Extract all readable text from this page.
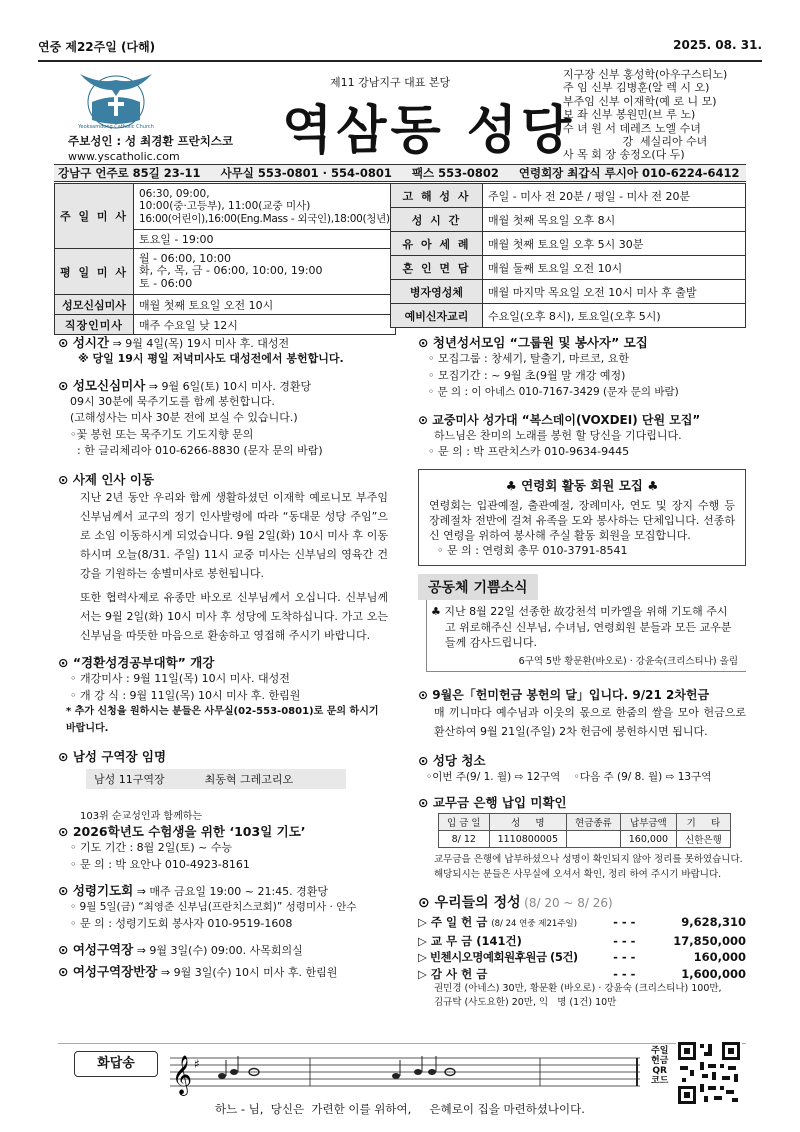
연중 제22주일 (다해)	2025. 08. 31.
Yeoksamdong Catholic Church
주보성인 : 성 최경환 프란치스코
www.yscatholic.com
제11 강남지구 대표 본당
역삼동 성당
지구장 신부 홍성학(아우구스티노)
주 임 신부 김병훈(알 렉 시 오)
부주임 신부 이재학(예 로 니 모)
보 좌 신부 봉원민(브 루 노)
수 녀 원 서 데레즈 노엘 수녀
강  세실리아 수녀
사 목 회 장 송정오(다 두)
강남구 언주로 85길 23-11 사무실 553-0801 · 554-0801 팩스 553-0802 연령회장 최갑식 루시아 010-6224-6412
주 일 미 사	06:30, 09:00,
10:00(중·고등부), 11:00(교중 미사)
16:00(어린이),16:00(Eng.Mass - 외국인),18:00(청년)

	토요일 - 19:00
평 일 미 사	월 - 06:00, 10:00
화, 수, 목, 금 - 06:00, 10:00, 19:00
토 - 06:00

성모신심미사	매월 첫째 토요일 오전 10시
직장인미사	매주 수요일 낮 12시
고 해 성 사	주일 - 미사 전 20분 / 평일 - 미사 전 20분
성 시 간	매월 첫째 목요일 오후 8시
유 아 세 례	매월 첫째 토요일 오후 5시 30분
혼 인 면 담	매월 둘째 토요일 오전 10시
병자영성체	매월 마지막 목요일 오전 10시 미사 후 출발
예비신자교리	수요일(오후 8시), 토요일(오후 5시)
⊙ 성시간 ⇒ 9월 4일(목) 19시 미사 후. 대성전
※ 당일 19시 평일 저녁미사도 대성전에서 봉헌합니다.
⊙ 성모신심미사 ⇒ 9월 6일(토) 10시 미사. 경환당
09시 30분에 묵주기도를 함께 봉헌합니다.
(고해성사는 미사 30분 전에 보실 수 있습니다.)
◦꽃 봉헌 또는 묵주기도 기도지향 문의
: 한 글리체리아 010-6266-8830 (문자 문의 바람)
⊙ 사제 인사 이동
지난 2년 동안 우리와 함께 생활하셨던 이재학 예로니모 부주임 신부님께서 교구의 정기 인사발령에 따라 “동대문 성당 주임”으로 소임 이동하시게 되었습니다. 9월 2일(화) 10시 미사 후 이동하시며 오늘(8/31. 주일) 11시 교중 미사는 신부님의 영육간 건강을 기원하는 송별미사로 봉헌됩니다.
또한 협력사제로 유종만 바오로 신부님께서 오십니다. 신부님께서는 9월 2일(화) 10시 미사 후 성당에 도착하십니다. 가고 오는 신부님을 따뜻한 마음으로 환송하고 영접해 주시기 바랍니다.
⊙ “경환성경공부대학” 개강
◦ 개강미사 : 9월 11일(목) 10시 미사. 대성전
◦ 개 강 식 : 9월 11일(목) 10시 미사 후. 한림원
* 추가 신청을 원하시는 분들은 사무실(02-553-0801)로 문의 하시기 바랍니다.
⊙ 남성 구역장 임명
남성 11구역장	최동혁 그레고리오
103위 순교성인과 함께하는
⊙ 2026학년도 수험생을 위한 ‘103일 기도’
◦ 기도 기간 : 8월 2일(토) ~ 수능
◦ 문 의 : 박 요안나 010-4923-8161
⊙ 성령기도회 ⇒ 매주 금요일 19:00 ~ 21:45. 경환당
◦ 9월 5일(금) “최영준 신부님(프란치스코회)” 성령미사 · 안수
◦ 문 의 : 성령기도회 봉사자 010-9519-1608
⊙ 여성구역장 ⇒ 9월 3일(수) 09:00. 사목회의실
⊙ 여성구역장반장 ⇒ 9월 3일(수) 10시 미사 후. 한림원
⊙ 청년성서모임 “그룹원 및 봉사자” 모집
◦ 모집그룹 : 창세기, 탈출기, 마르코, 요한
◦ 모집기간 : ~ 9월 초(9월 말 개강 예정)
◦ 문 의 : 이 아네스 010-7167-3429 (문자 문의 바람)
⊙ 교중미사 성가대 “복스데이(VOXDEI) 단원 모집”
하느님은 찬미의 노래를 봉헌 할 당신을 기다립니다.
◦ 문 의 : 박 프란치스카 010-9634-9445
♣ 연령회 활동 회원 모집 ♣
연령회는 입관예절, 출관예절, 장례미사, 연도 및 장지 수행 등 장례절차 전반에 걸쳐 유족을 도와 봉사하는 단체입니다. 선종하신 연령을 위하여 봉사해 주실 활동 회원을 모집합니다.
◦ 문 의 : 연령회 총무 010-3791-8541
공동체 기쁨소식
♣ 지난 8월 22일 선종한 故강천석 미카엘을 위해 기도해 주시고 위로해주신 신부님, 수녀님, 연령회원 분들과 모든 교우분들께 감사드립니다.
6구역 5반 황문환(바오로) · 강윤숙(크리스티나) 올림
⊙ 9월은「헌미헌금 봉헌의 달」입니다. 9/21 2차헌금
매 끼니마다 예수님과 이웃의 몫으로 한줌의 쌀을 모아 헌금으로 환산하여 9월 21일(주일) 2차 헌금에 봉헌하시면 됩니다.
⊙ 성당 청소
◦이번 주(9/ 1. 월) ⇨ 12구역    ◦다음 주 (9/ 8. 월) ⇨ 13구역
⊙ 교무금 은행 납입 미확인
입 금 일	성     명	현금종류	납부금액	기     타
8/ 12	1110800005		160,000	신한은행
교무금을 은행에 납부하셨으나 성명이 확인되지 않아 정리를 못하였습니다. 해당되시는 분들은 사무실에 오셔서 확인, 정리 하여 주시기 바랍니다.
⊙ 우리들의 정성 (8/ 20 ~ 8/ 26)
▷ 주 일 헌 금 (8/ 24 연중 제21주일)	- - -	9,628,310
▷ 교 무 금 (141건)	- - -	17,850,000
▷ 빈첸시오명예회원후원금 (5건)	- - -	160,000
▷ 감 사 헌 금	- - -	1,600,000
권민경 (아네스) 30만, 황문환 (바오로) · 강윤숙 (크리스티나) 100만,
김규탁 (사도요한) 20만, 익   명 (1건) 10만
화답송	𝄞 ♯
하느 - 님,  당신은  가련한 이를 위하여,     은혜로이 집을 마련하셨나이다.
주일
헌금
QR
코드
